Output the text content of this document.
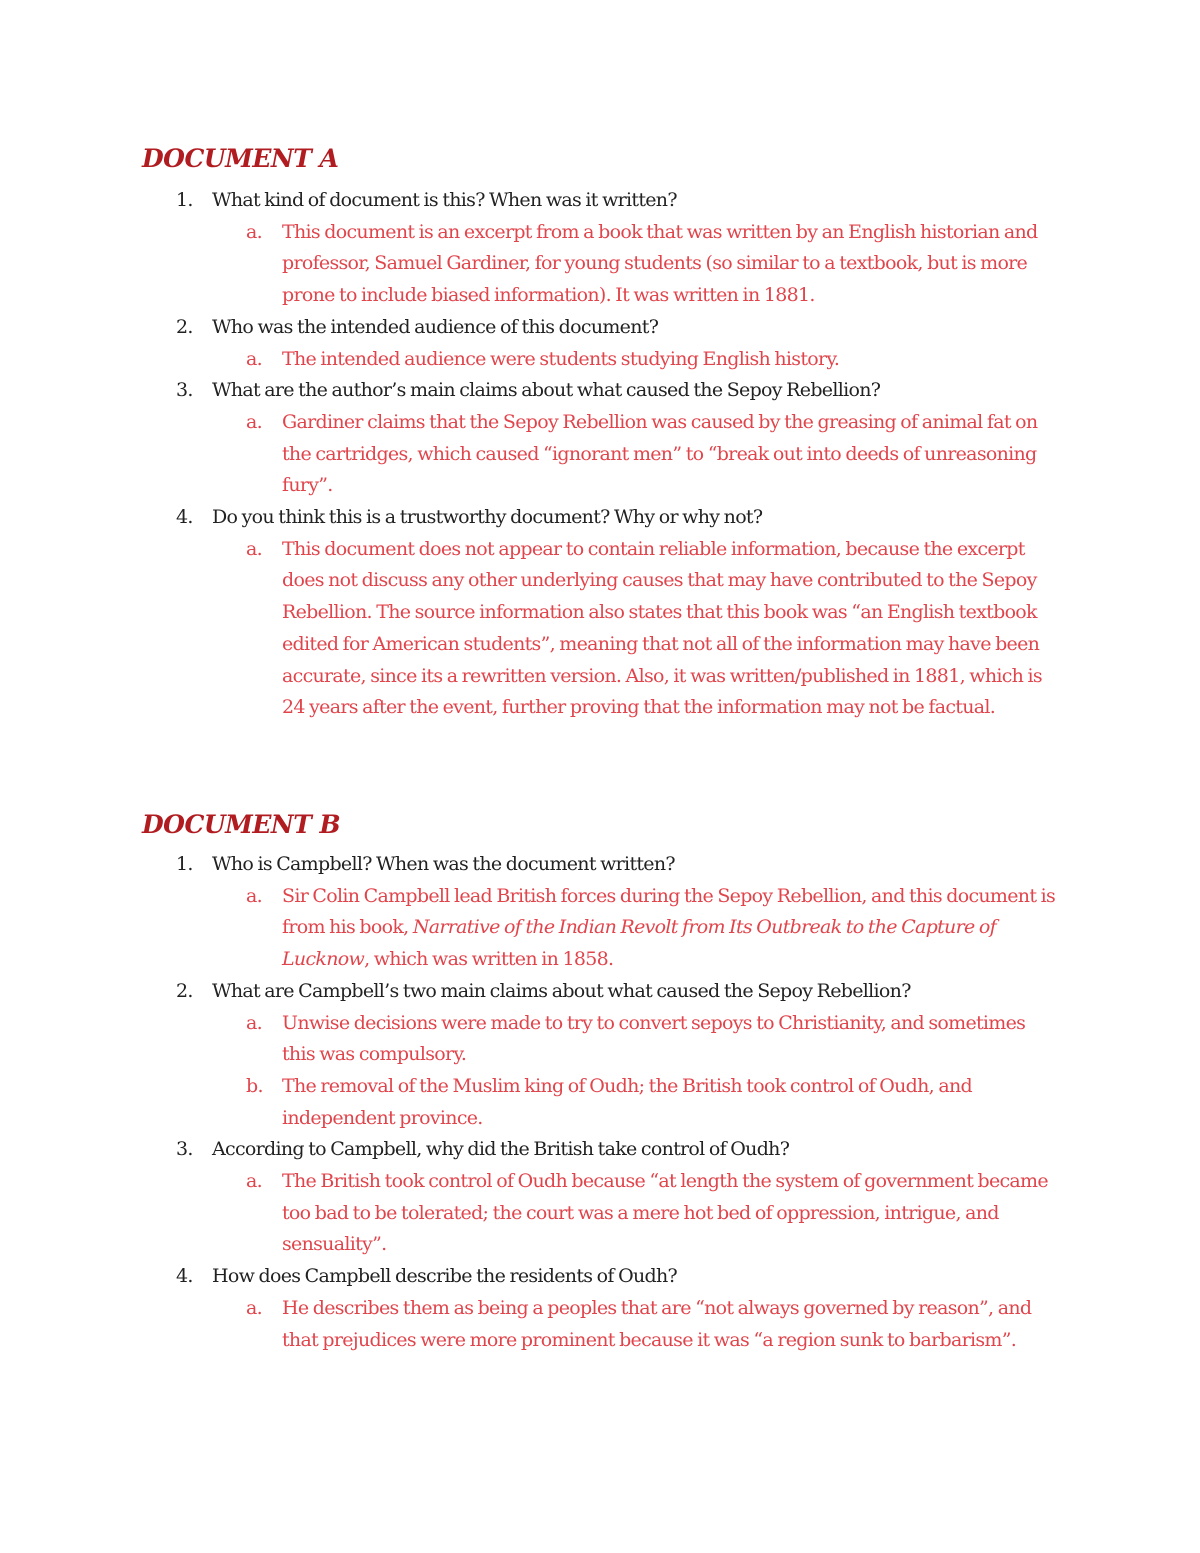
DOCUMENT A
1.	What kind of document is this? When was it written?
a.	This document is an excerpt from a book that was written by an English historian and professor, Samuel Gardiner, for young students (so similar to a textbook, but is more prone to include biased information). It was written in 1881.
2.	Who was the intended audience of this document?
a.	The intended audience were students studying English history.
3.	What are the author’s main claims about what caused the Sepoy Rebellion?
a.	Gardiner claims that the Sepoy Rebellion was caused by the greasing of animal fat on the cartridges, which caused “ignorant men” to “break out into deeds of unreasoning fury”.
4.	Do you think this is a trustworthy document? Why or why not?
a.	This document does not appear to contain reliable information, because the excerpt does not discuss any other underlying causes that may have contributed to the Sepoy Rebellion. The source information also states that this book was “an English textbook edited for American students”, meaning that not all of the information may have been accurate, since its a rewritten version. Also, it was written/published in 1881, which is 24 years after the event, further proving that the information may not be factual.
DOCUMENT B
1.	Who is Campbell? When was the document written?
a.	Sir Colin Campbell lead British forces during the Sepoy Rebellion, and this document is from his book, Narrative of the Indian Revolt from Its Outbreak to the Capture of Lucknow, which was written in 1858.
2.	What are Campbell’s two main claims about what caused the Sepoy Rebellion?
a.	Unwise decisions were made to try to convert sepoys to Christianity, and sometimes this was compulsory.
b.	The removal of the Muslim king of Oudh; the British took control of Oudh, and independent province.
3.	According to Campbell, why did the British take control of Oudh?
a.	The British took control of Oudh because “at length the system of government became too bad to be tolerated; the court was a mere hot bed of oppression, intrigue, and sensuality”.
4.	How does Campbell describe the residents of Oudh?
a.	He describes them as being a peoples that are “not always governed by reason”, and that prejudices were more prominent because it was “a region sunk to barbarism”.
